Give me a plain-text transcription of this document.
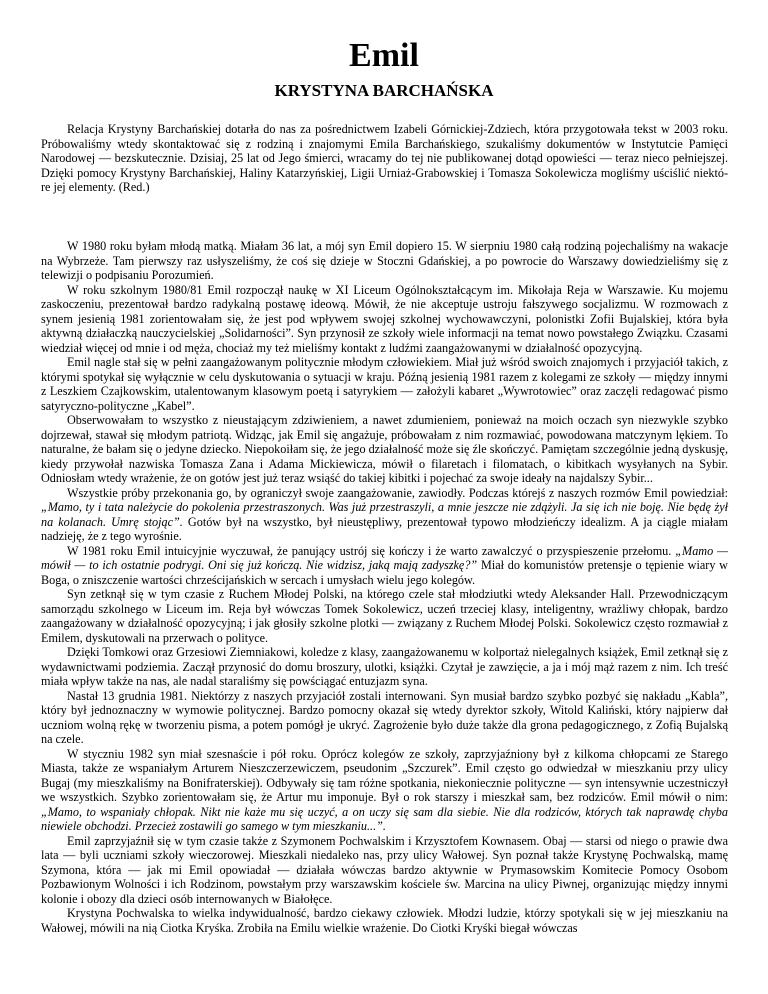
Emil
KRYSTYNA BARCHAŃSKA

Relacja Krystyny Barchańskiej dotarła do nas za pośrednictwem Izabeli Górnickiej-Zdziech, która przygotowała tekst w 2003 roku. Próbowaliśmy wtedy skontaktować się z rodziną i znajomymi Emila Barchańskiego, szukaliśmy dokumentów w Instytutcie Pamięci Narodowej — bezskutecznie. Dzisiaj, 25 lat od Jego śmierci, wracamy do tej nie publikowanej dotąd opowieści — teraz nieco pełniejszej. Dzięki pomocy Krystyny Barchańskiej, Haliny Katarzyńskiej, Ligii Urniaż-Grabowskiej i Tomasza Sokolewicza mogliśmy uściślić niektó-re jej elementy. (Red.)

W 1980 roku byłam młodą matką. Miałam 36 lat, a mój syn Emil dopiero 15. W sierpniu 1980 całą rodziną pojechaliśmy na wakacje na Wybrzeże. Tam pierwszy raz usłyszeliśmy, że coś się dzieje w Stoczni Gdańskiej, a po powrocie do Warszawy dowiedzieliśmy się z telewizji o podpisaniu Porozumień.

W roku szkolnym 1980/81 Emil rozpoczął naukę w XI Liceum Ogólnokształcącym im. Mikołaja Reja w Warszawie. Ku mojemu zaskoczeniu, prezentował bardzo radykalną postawę ideową. Mówił, że nie akceptuje ustroju fałszywego socjalizmu. W rozmowach z synem jesienią 1981 zorientowałam się, że jest pod wpływem swojej szkolnej wychowawczyni, polonistki Zofii Bujalskiej, która była aktywną działaczką nauczycielskiej „Solidarności”. Syn przynosił ze szkoły wiele informacji na temat nowo powstałego Związku. Czasami wiedział więcej od mnie i od męża, chociaż my też mieliśmy kontakt z ludźmi zaangażowanymi w działalność opozycyjną.

Emil nagle stał się w pełni zaangażowanym politycznie młodym człowiekiem. Miał już wśród swoich znajomych i przyjaciół takich, z którymi spotykał się wyłącznie w celu dyskutowania o sytuacji w kraju. Późną jesienią 1981 razem z kolegami ze szkoły — między innymi z Leszkiem Czajkowskim, utalentowanym klasowym poetą i satyrykiem — założyli kabaret „Wywrotowiec” oraz zaczęli redagować pismo satyryczno-polityczne „Kabel”.

Obserwowałam to wszystko z nieustającym zdziwieniem, a nawet zdumieniem, ponieważ na moich oczach syn niezwykle szybko dojrzewał, stawał się młodym patriotą. Widząc, jak Emil się angażuje, próbowałam z nim rozmawiać, powodowana matczynym lękiem. To naturalne, że bałam się o jedyne dziecko. Niepokoiłam się, że jego działalność może się źle skończyć. Pamiętam szczególnie jedną dyskusję, kiedy przywołał nazwiska Tomasza Zana i Adama Mickiewicza, mówił o filaretach i filomatach, o kibitkach wysyłanych na Sybir. Odniosłam wtedy wrażenie, że on gotów jest już teraz wsiąść do takiej kibitki i pojechać za swoje ideały na najdalszy Sybir...

Wszystkie próby przekonania go, by ograniczył swoje zaangażowanie, zawiodły. Podczas którejś z naszych rozmów Emil powiedział: „Mamo, ty i tata należycie do pokolenia przestraszonych. Was już przestraszyli, a mnie jeszcze nie zdążyli. Ja się ich nie boję. Nie będę żył na kolanach. Umrę stojąc”. Gotów był na wszystko, był nieustępliwy, prezentował typowo młodzieńczy idealizm. A ja ciągle miałam nadzieję, że z tego wyrośnie.

W 1981 roku Emil intuicyjnie wyczuwał, że panujący ustrój się kończy i że warto zawalczyć o przyspieszenie przełomu. „Mamo — mówił — to ich ostatnie podrygi. Oni się już kończą. Nie widzisz, jaką mają zadyszkę?” Miał do komunistów pretensje o tępienie wiary w Boga, o zniszczenie wartości chrześcijańskich w sercach i umysłach wielu jego kolegów.

Syn zetknął się w tym czasie z Ruchem Młodej Polski, na którego czele stał młodziutki wtedy Aleksander Hall. Przewodniczącym samorządu szkolnego w Liceum im. Reja był wówczas Tomek Sokolewicz, uczeń trzeciej klasy, inteligentny, wrażliwy chłopak, bardzo zaangażowany w działalność opozycyjną; i jak głosiły szkolne plotki — związany z Ruchem Młodej Polski. Sokolewicz często rozmawiał z Emilem, dyskutowali na przerwach o polityce.

Dzięki Tomkowi oraz Grzesiowi Ziemniakowi, koledze z klasy, zaangażowanemu w kolportaż nielegalnych książek, Emil zetknął się z wydawnictwami podziemia. Zaczął przynosić do domu broszury, ulotki, książki. Czytał je zawzięcie, a ja i mój mąż razem z nim. Ich treść miała wpływ także na nas, ale nadal staraliśmy się powściągać entuzjazm syna.

Nastał 13 grudnia 1981. Niektórzy z naszych przyjaciół zostali internowani. Syn musiał bardzo szybko pozbyć się nakładu „Kabla”, który był jednoznaczny w wymowie politycznej. Bardzo pomocny okazał się wtedy dyrektor szkoły, Witold Kaliński, który najpierw dał uczniom wolną rękę w tworzeniu pisma, a potem pomógł je ukryć. Zagrożenie było duże także dla grona pedagogicznego, z Zofią Bujalską na czele.

W styczniu 1982 syn miał szesnaście i pół roku. Oprócz kolegów ze szkoły, zaprzyjaźniony był z kilkoma chłopcami ze Starego Miasta, także ze wspaniałym Arturem Nieszczerzewiczem, pseudonim „Szczurek”. Emil często go odwiedzał w mieszkaniu przy ulicy Bugaj (my mieszkaliśmy na Bonifraterskiej). Odbywały się tam różne spotkania, niekoniecznie polityczne — syn intensywnie uczestniczył we wszystkich. Szybko zorientowałam się, że Artur mu imponuje. Był o rok starszy i mieszkał sam, bez rodziców. Emil mówił o nim: „Mamo, to wspaniały chłopak. Nikt nie każe mu się uczyć, a on uczy się sam dla siebie. Nie dla rodziców, których tak naprawdę chyba niewiele obchodzi. Przecież zostawili go samego w tym mieszkaniu...”.

Emil zaprzyjaźnił się w tym czasie także z Szymonem Pochwalskim i Krzysztofem Kownasem. Obaj — starsi od niego o prawie dwa lata — byli uczniami szkoły wieczorowej. Mieszkali niedaleko nas, przy ulicy Wałowej. Syn poznał także Krystynę Pochwalską, mamę Szymona, która — jak mi Emil opowiadał — działała wówczas bardzo aktywnie w Prymasowskim Komitecie Pomocy Osobom Pozbawionym Wolności i ich Rodzinom, powstałym przy warszawskim kościele św. Marcina na ulicy Piwnej, organizując między innymi kolonie i obozy dla dzieci osób internowanych w Białołęce.

Krystyna Pochwalska to wielka indywidualność, bardzo ciekawy człowiek. Młodzi ludzie, którzy spotykali się w jej mieszkaniu na Wałowej, mówili na nią Ciotka Kryśka. Zrobiła na Emilu wielkie wrażenie. Do Ciotki Kryśki biegał wówczas
